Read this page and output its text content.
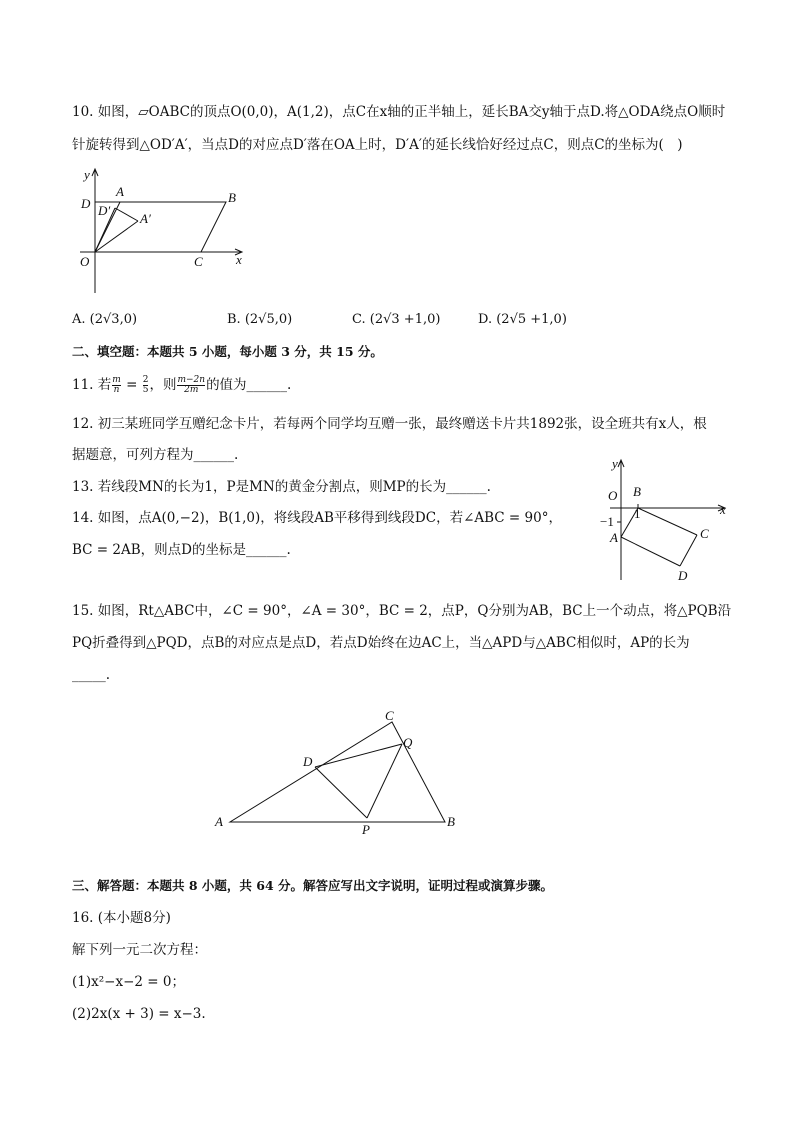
10. 如图，▱OABC的顶点O(0,0)，A(1,2)，点C在x轴的正半轴上，延长BA交y轴于点D.将△ODA绕点O顺时
针旋转得到△OD′A′，当点D的对应点D′落在OA上时，D′A′的延长线恰好经过点C，则点C的坐标为(　)
y
x
O
A	B
C
D D′
A′
A. (2√3,0)	B. (2√5,0)	C. (2√3 +1,0)	D. (2√5 +1,0)
二、填空题：本题共 5 小题，每小题 3 分，共 15 分。
11. 若 $\frac{m}{n} = \frac{2}{5}$ ，则 $\frac{m-2n}{2m}$ 的值为______.
12. 初三某班同学互赠纪念卡片，若每两个同学均互赠一张，最终赠送卡片共1892张，设全班共有x人，根
据题意，可列方程为______.
13. 若线段MN的长为1，P是MN的黄金分割点，则MP的长为______.
14. 如图，点A(0,−2)，B(1,0)，将线段AB平移得到线段DC，若∠ABC = 90°，
BC = 2AB，则点D的坐标是______.
y
x
O B
1
−1
A	C
D
15. 如图，Rt△ABC中，∠C = 90°，∠A = 30°，BC = 2，点P，Q分别为AB，BC上一个动点，将△PQB沿
PQ折叠得到△PQD，点B的对应点是点D，若点D始终在边AC上，当△APD与△ABC相似时，AP的长为
_____.
A	B
C
D
P
Q
三、解答题：本题共 8 小题，共 64 分。解答应写出文字说明，证明过程或演算步骤。
16. (本小题8分)
解下列一元二次方程：
(1)x²−x−2 = 0；
(2)2x(x + 3) = x−3.
